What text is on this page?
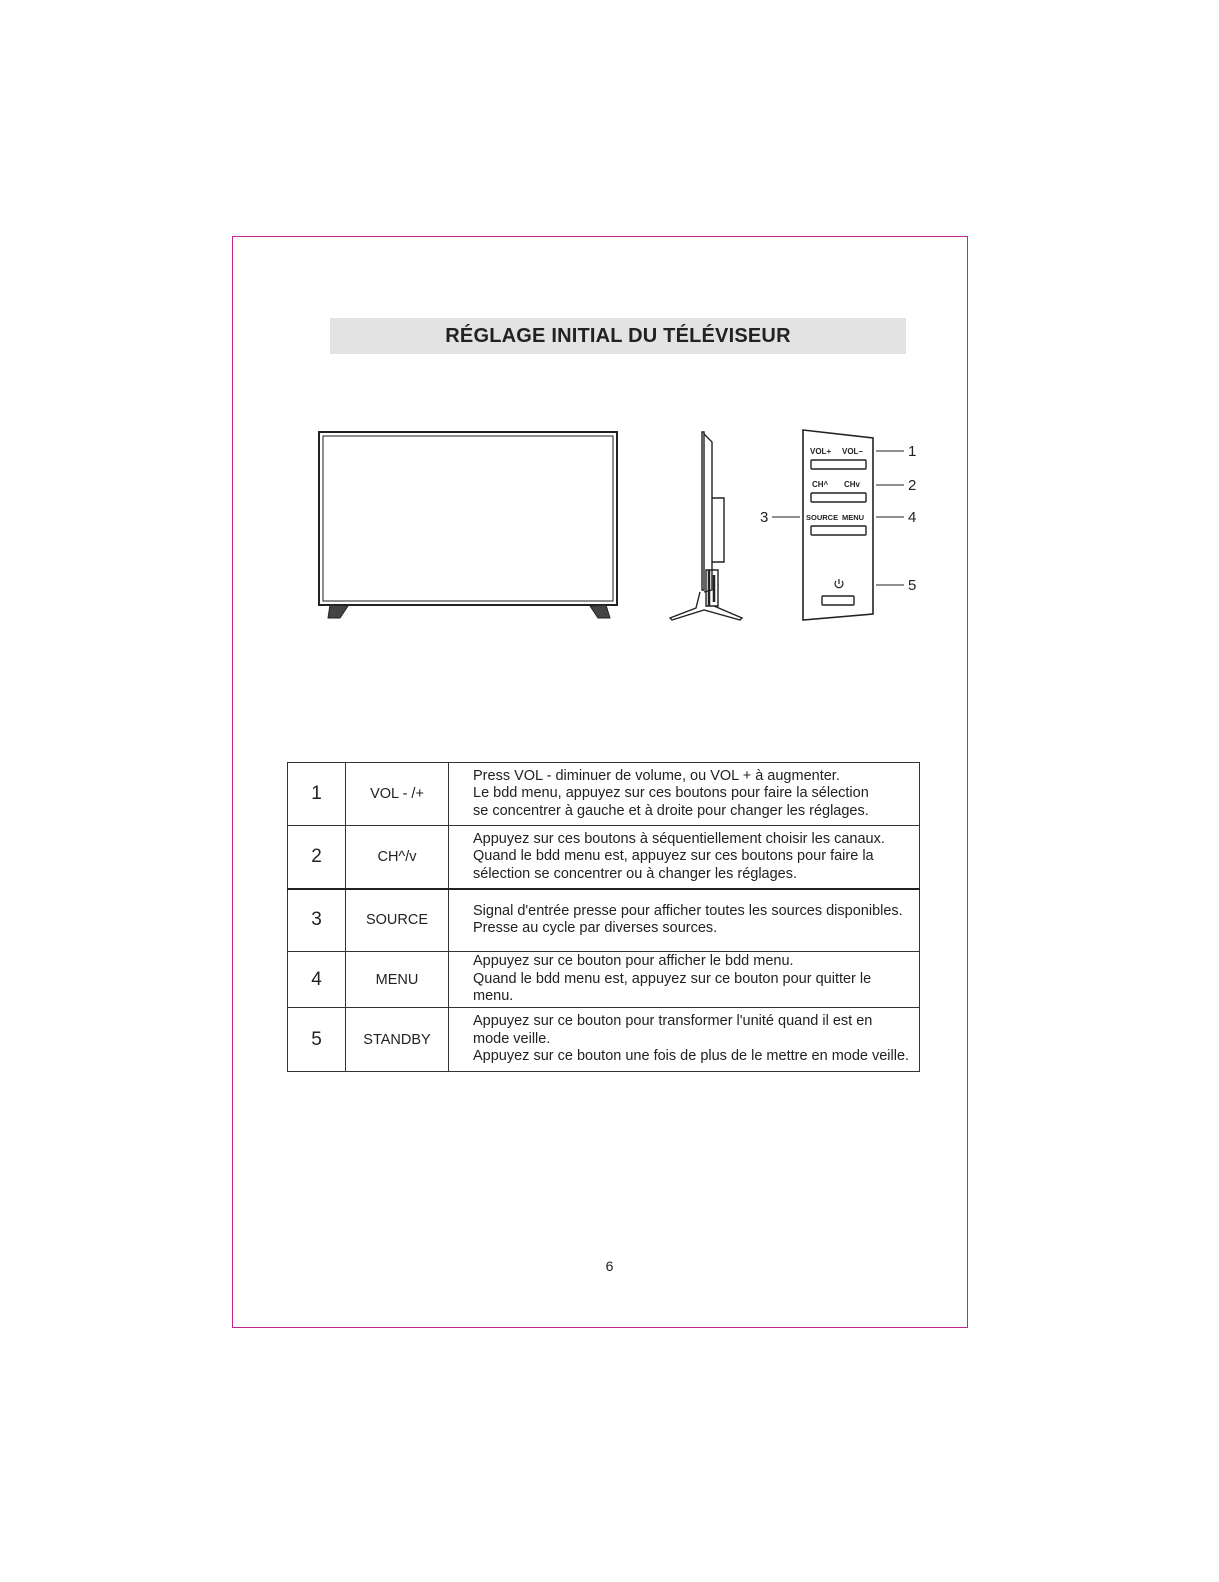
RÉGLAGE INITIAL DU TÉLÉVISEUR
VOL+ VOL–
CH^ CHv
SOURCE MENU
1
2
3	4
5
1	VOL - /+	Press VOL - diminuer de volume, ou VOL + à augmenter.
Le bdd menu, appuyez sur ces boutons pour faire la sélection
se concentrer à gauche et à droite pour changer les réglages.

2	CH^/v	Appuyez sur ces boutons à séquentiellement choisir les canaux.
Quand le bdd menu est, appuyez sur ces boutons pour faire la
sélection se concentrer ou à changer les réglages.

3	SOURCE	Signal d'entrée presse pour afficher toutes les sources disponibles.
Presse au cycle par diverses sources.

4	MENU	Appuyez sur ce bouton pour afficher le bdd menu.
Quand le bdd menu est, appuyez sur ce bouton pour quitter le
menu.

5	STANDBY	Appuyez sur ce bouton pour transformer l'unité quand il est en
mode veille.
Appuyez sur ce bouton une fois de plus de le mettre en mode veille.
6
